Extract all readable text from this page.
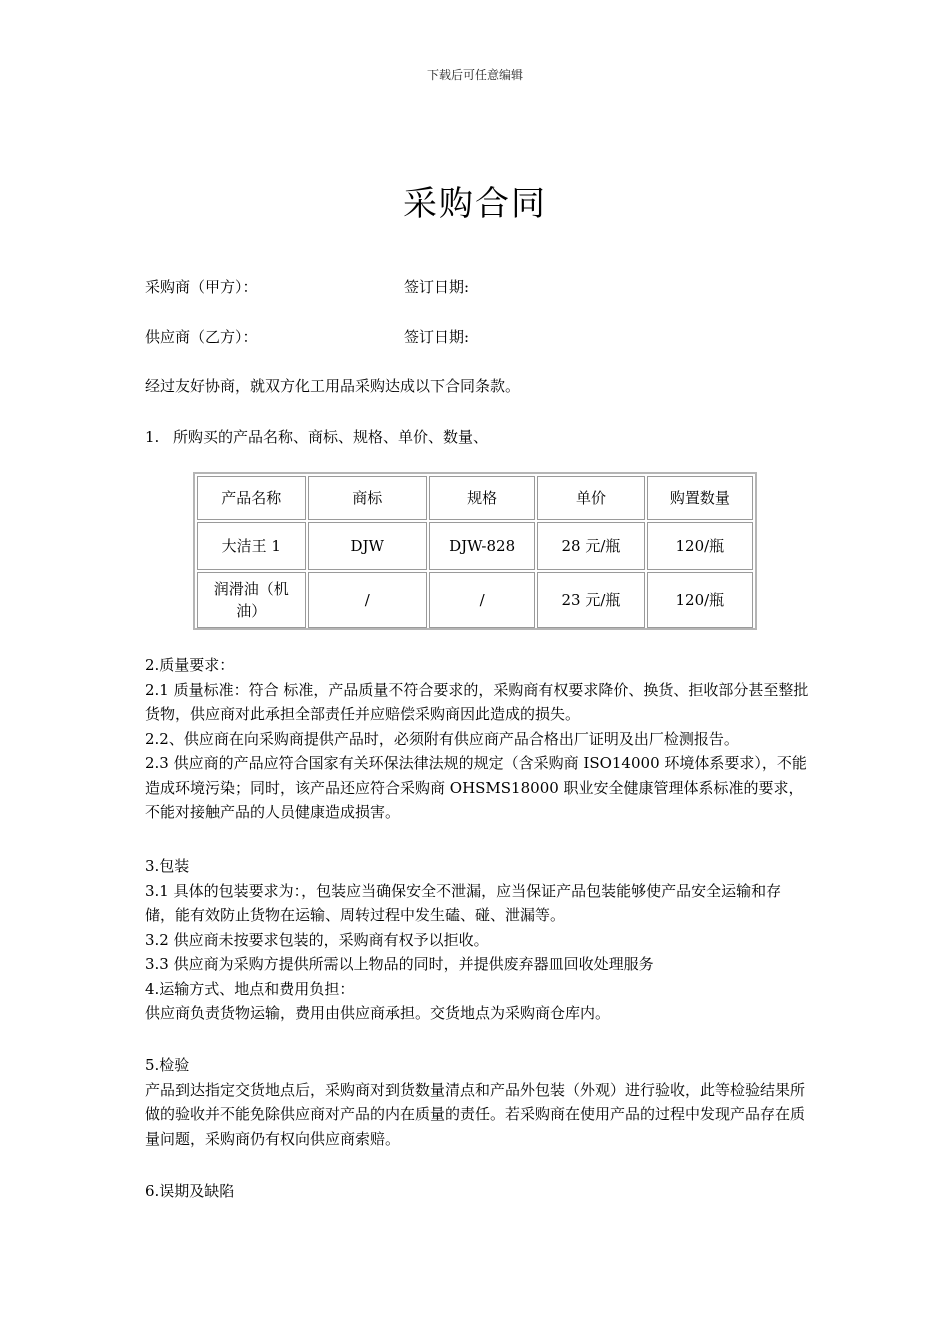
下载后可任意编辑
采购合同
采购商（甲方）：	签订日期:
供应商（乙方）：	签订日期:
经过友好协商，就双方化工用品采购达成以下合同条款。
1. 所购买的产品名称、商标、规格、单价、数量、
产品名称	商标	规格	单价	购置数量
大洁王 1	DJW	DJW-828	28 元/瓶	120/瓶
润滑油（机油）	/	/	23 元/瓶	120/瓶

2.质量要求：

2.1 质量标准：符合 标准，产品质量不符合要求的，采购商有权要求降价、换货、拒收部分甚至整批货物，供应商对此承担全部责任并应赔偿采购商因此造成的损失。

2.2、供应商在向采购商提供产品时，必须附有供应商产品合格出厂证明及出厂检测报告。

2.3 供应商的产品应符合国家有关环保法律法规的规定（含采购商 ISO14000 环境体系要求），不能造成环境污染；同时，该产品还应符合采购商 OHSMS18000 职业安全健康管理体系标准的要求，不能对接触产品的人员健康造成损害。

3.包装

3.1 具体的包装要求为：，包装应当确保安全不泄漏，应当保证产品包装能够使产品安全运输和存储，能有效防止货物在运输、周转过程中发生磕、碰、泄漏等。

3.2 供应商未按要求包装的，采购商有权予以拒收。

3.3 供应商为采购方提供所需以上物品的同时，并提供废弃器皿回收处理服务

4.运输方式、地点和费用负担：

供应商负责货物运输，费用由供应商承担。交货地点为采购商仓库内。

5.检验

产品到达指定交货地点后，采购商对到货数量清点和产品外包装（外观）进行验收，此等检验结果所做的验收并不能免除供应商对产品的内在质量的责任。若采购商在使用产品的过程中发现产品存在质量问题，采购商仍有权向供应商索赔。

6.误期及缺陷
